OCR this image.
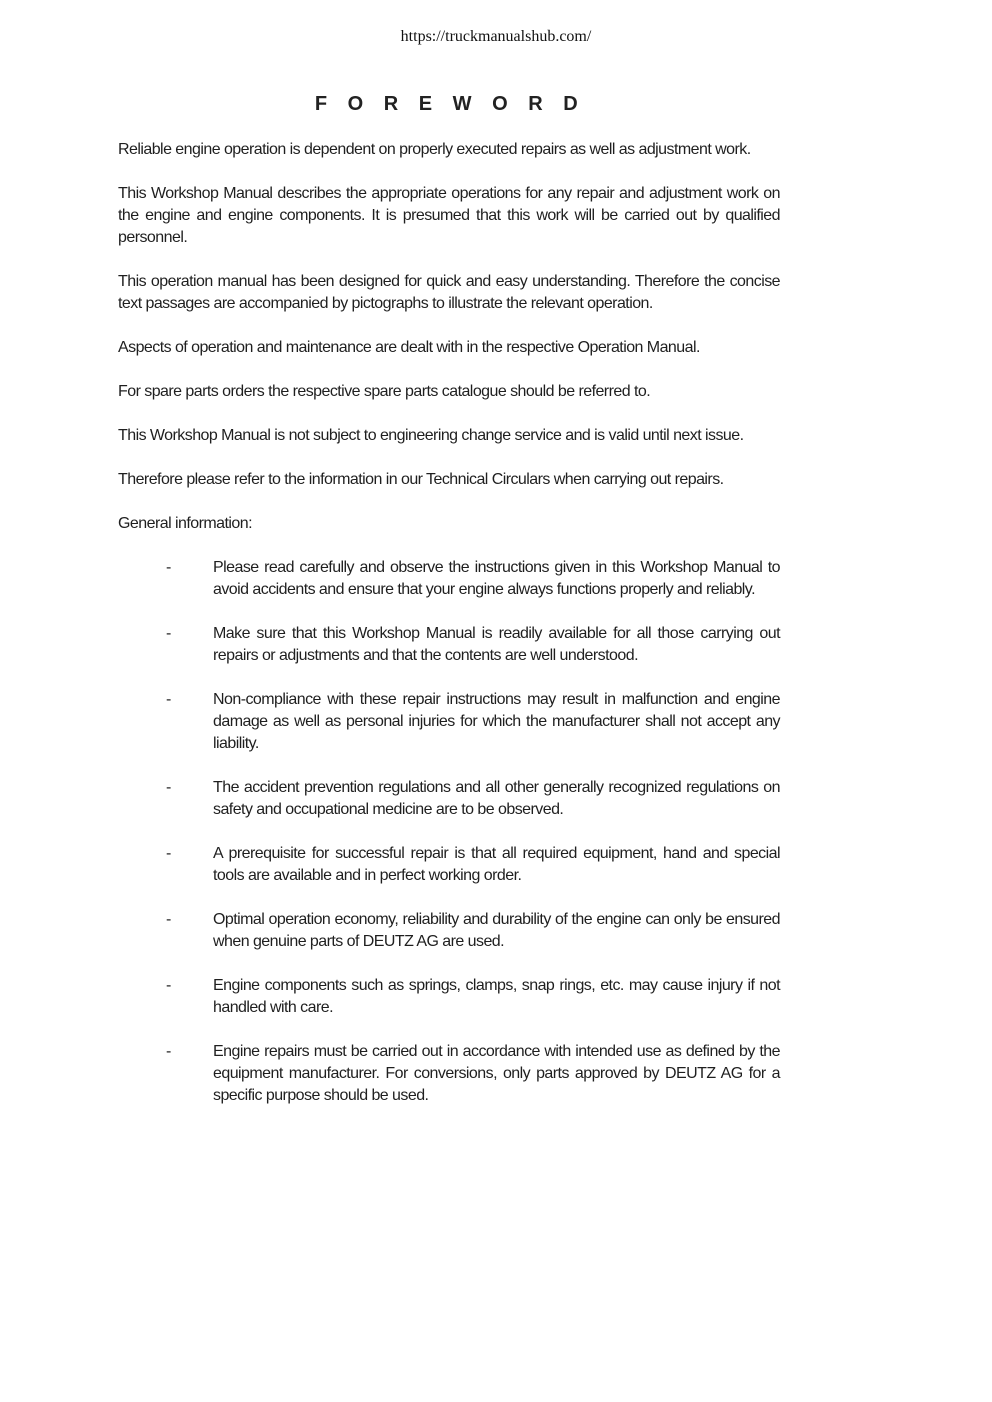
https://truckmanualshub.com/
F O R E W O R D

Reliable engine operation is dependent on properly executed repairs as well as adjustment work.

This Workshop Manual describes the appropriate operations for any repair and adjustment work on the engine and engine components. It is presumed that this work will be carried out by qualified personnel.

This operation manual has been designed for quick and easy understanding. Therefore the concise text passages are accompanied by pictographs to illustrate the relevant operation.

Aspects of operation and maintenance are dealt with in the respective Operation Manual.

For spare parts orders the respective spare parts catalogue should be referred to.

This Workshop Manual is not subject to engineering change service and is valid until next issue.

Therefore please refer to the information in our Technical Circulars when carrying out repairs.

General information:

-	Please read carefully and observe the instructions given in this Workshop Manual to avoid accidents and ensure that your engine always functions properly and reliably.
-	Make sure that this Workshop Manual is readily available for all those carrying out repairs or adjustments and that the contents are well understood.
-	Non-compliance with these repair instructions may result in malfunction and engine damage as well as personal injuries for which the manufacturer shall not accept any liability.
-	The accident prevention regulations and all other generally recognized regulations on safety and occupational medicine are to be observed.
-	A prerequisite for successful repair is that all required equipment, hand and special tools are available and in perfect working order.
-	Optimal operation economy, reliability and durability of the engine can only be ensured when genuine parts of DEUTZ AG are used.
-	Engine components such as springs, clamps, snap rings, etc. may cause injury if not handled with care.
-	Engine repairs must be carried out in accordance with intended use as defined by the equipment manufacturer. For conversions, only parts approved by DEUTZ AG for a specific purpose should be used.
